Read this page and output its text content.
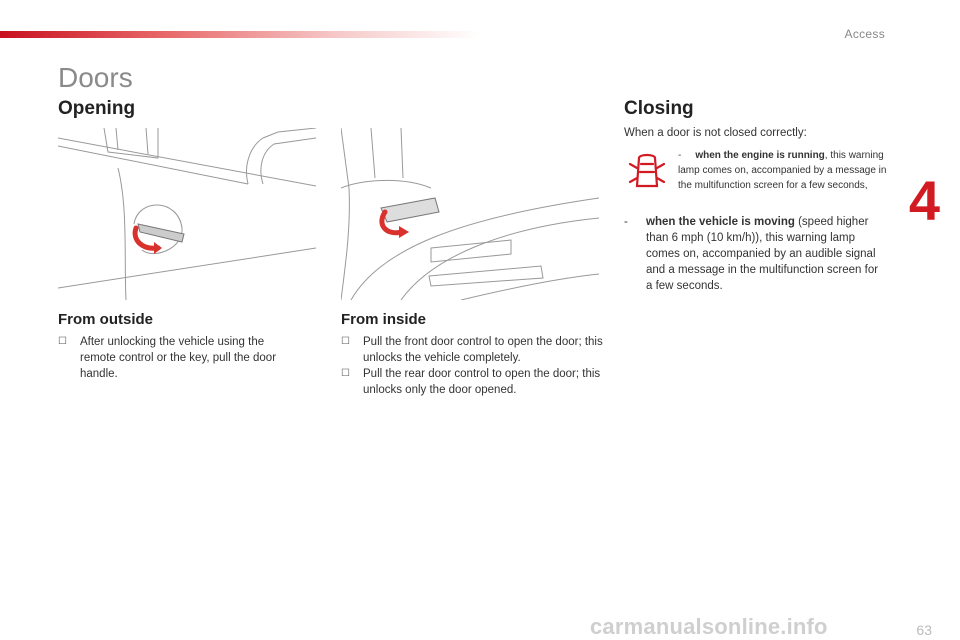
Access
Doors
Opening	Closing
From outside
☐	After unlocking the vehicle using the remote control or the key, pull the door handle.
From inside
☐	Pull the front door control to open the door; this unlocks the vehicle completely.
☐	Pull the rear door control to open the door; this unlocks only the door opened.
When a door is not closed correctly:
- when the engine is running, this warning lamp comes on, accompanied by a message in the multifunction screen for a few seconds,
-	when the vehicle is moving (speed higher than 6 mph (10 km/h)), this warning lamp comes on, accompanied by an audible signal and a message in the multifunction screen for a few seconds.
4
63
carmanualsonline.info
